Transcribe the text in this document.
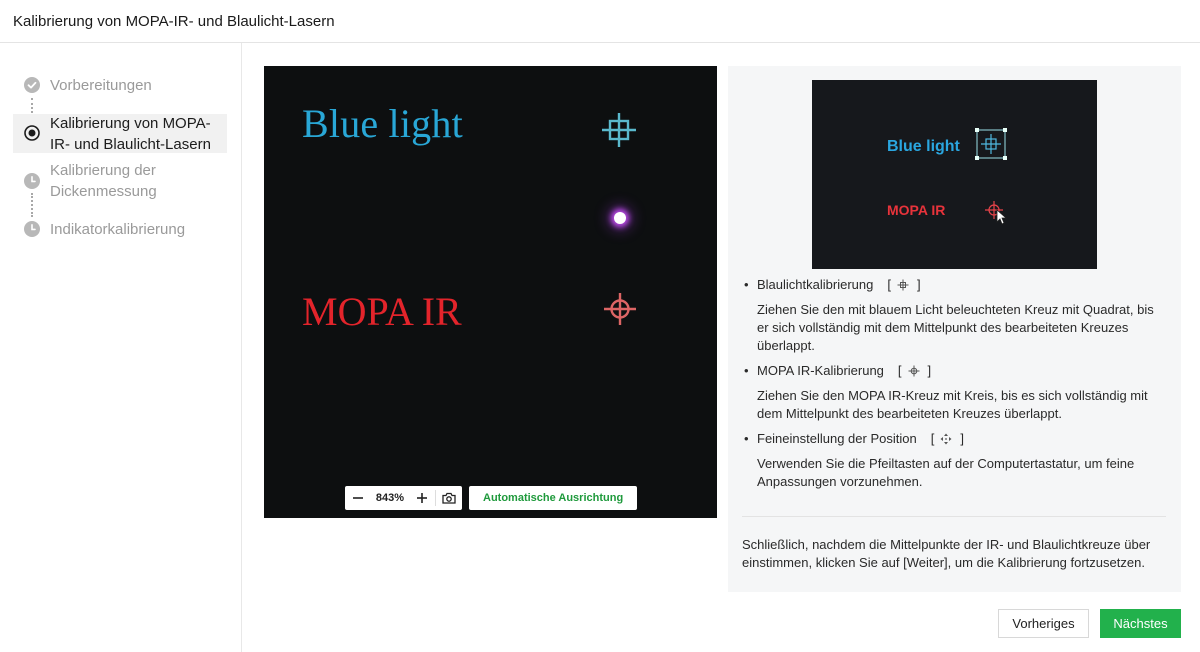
Kalibrierung von MOPA-IR- und Blaulicht-Lasern
Vorbereitungen
Kalibrierung von MOPA-IR- und Blaulicht-Lasern
Kalibrierung der Dickenmessung
Indikatorkalibrierung
Blue light
MOPA IR
843%	Automatische Ausrichtung
Blue light
MOPA IR
• Blaulichtkalibrierung [ ]
Ziehen Sie den mit blauem Licht beleuchteten Kreuz mit Quadrat, bis er sich vollständig mit dem Mittelpunkt des bearbeiteten Kreuzes überlappt.
• MOPA IR-Kalibrierung [ ]
Ziehen Sie den MOPA IR-Kreuz mit Kreis, bis es sich vollständig mit dem Mittelpunkt des bearbeiteten Kreuzes überlappt.
• Feineinstellung der Position [ ]
Verwenden Sie die Pfeiltasten auf der Computertastatur, um feine Anpassungen vorzunehmen.
Schließlich, nachdem die Mittelpunkte der IR- und Blaulichtkreuze über einstimmen, klicken Sie auf [Weiter], um die Kalibrierung fortzusetzen.
Vorheriges	Nächstes
